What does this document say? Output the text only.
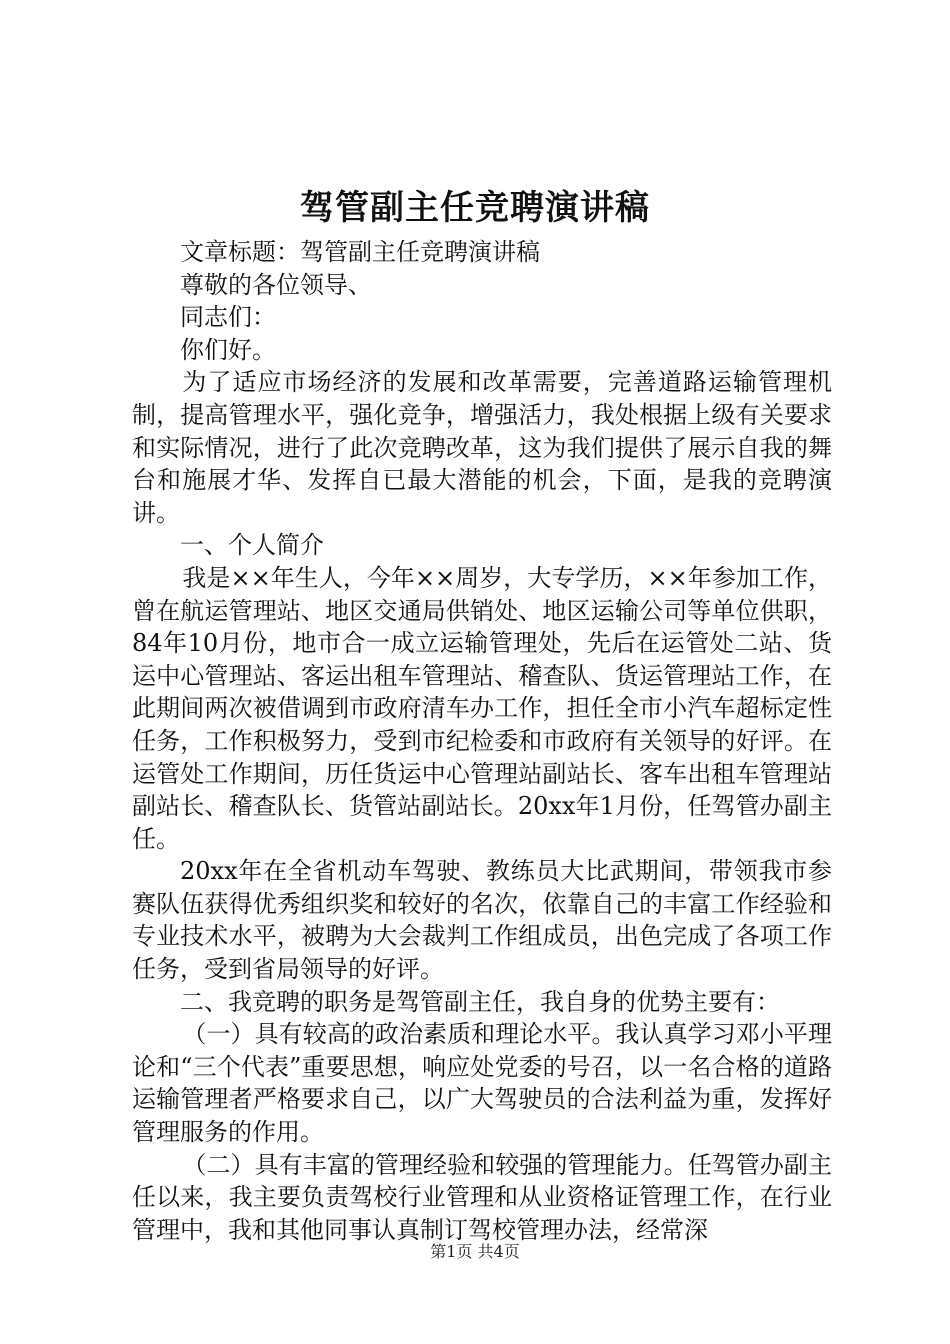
驾管副主任竞聘演讲稿

文章标题：驾管副主任竞聘演讲稿

尊敬的各位领导、

同志们：

你们好。

为了适应市场经济的发展和改革需要，完善道路运输管理机制，提高管理水平，强化竞争，增强活力，我处根据上级有关要求和实际情况，进行了此次竞聘改革，这为我们提供了展示自我的舞台和施展才华、发挥自已最大潜能的机会，下面，是我的竞聘演讲。

一、个人简介

我是××年生人，今年××周岁，大专学历，××年参加工作，曾在航运管理站、地区交通局供销处、地区运输公司等单位供职，84年10月份，地市合一成立运输管理处，先后在运管处二站、货运中心管理站、客运出租车管理站、稽查队、货运管理站工作，在此期间两次被借调到市政府清车办工作，担任全市小汽车超标定性任务，工作积极努力，受到市纪检委和市政府有关领导的好评。在运管处工作期间，历任货运中心管理站副站长、客车出租车管理站副站长、稽查队长、货管站副站长。20xx年1月份，任驾管办副主任。

20xx年在全省机动车驾驶、教练员大比武期间，带领我市参赛队伍获得优秀组织奖和较好的名次，依靠自己的丰富工作经验和专业技术水平，被聘为大会裁判工作组成员，出色完成了各项工作任务，受到省局领导的好评。

二、我竞聘的职务是驾管副主任，我自身的优势主要有：

（一）具有较高的政治素质和理论水平。我认真学习邓小平理论和“三个代表”重要思想，响应处党委的号召，以一名合格的道路运输管理者严格要求自己，以广大驾驶员的合法利益为重，发挥好管理服务的作用。

（二）具有丰富的管理经验和较强的管理能力。任驾管办副主任以来，我主要负责驾校行业管理和从业资格证管理工作，在行业管理中，我和其他同事认真制订驾校管理办法，经常深

第1页 共4页
